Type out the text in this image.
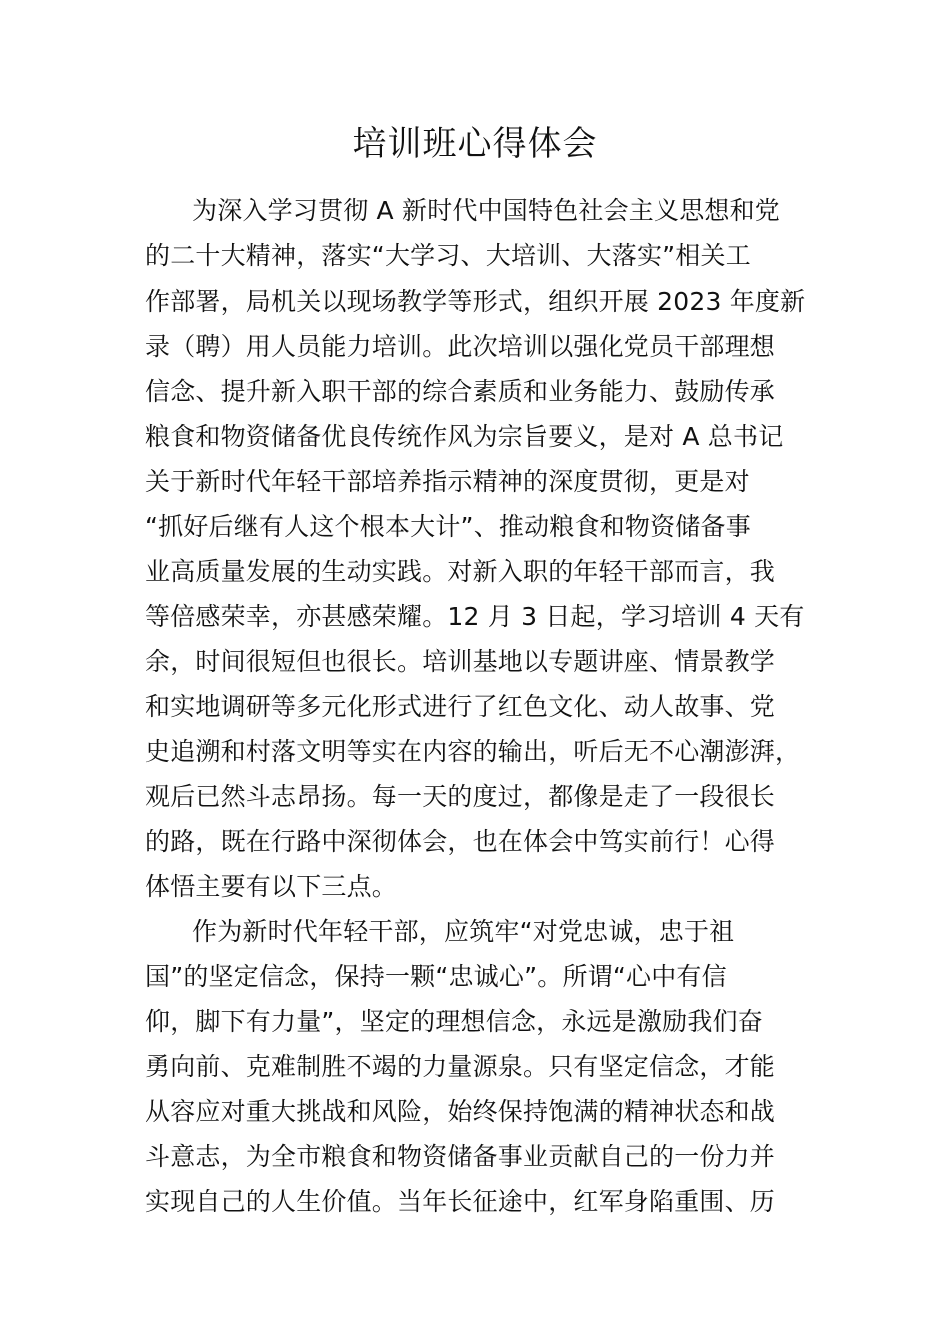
培训班心得体会
为深入学习贯彻 A 新时代中国特色社会主义思想和党
的二十大精神，落实“大学习、大培训、大落实”相关工
作部署，局机关以现场教学等形式，组织开展 2023 年度新
录（聘）用人员能力培训。此次培训以强化党员干部理想
信念、提升新入职干部的综合素质和业务能力、鼓励传承
粮食和物资储备优良传统作风为宗旨要义，是对 A 总书记
关于新时代年轻干部培养指示精神的深度贯彻，更是对
“抓好后继有人这个根本大计”、推动粮食和物资储备事
业高质量发展的生动实践。对新入职的年轻干部而言，我
等倍感荣幸，亦甚感荣耀。12 月 3 日起，学习培训 4 天有
余，时间很短但也很长。培训基地以专题讲座、情景教学
和实地调研等多元化形式进行了红色文化、动人故事、党
史追溯和村落文明等实在内容的输出，听后无不心潮澎湃，
观后已然斗志昂扬。每一天的度过，都像是走了一段很长
的路，既在行路中深彻体会，也在体会中笃实前行！心得
体悟主要有以下三点。
作为新时代年轻干部，应筑牢“对党忠诚，忠于祖
国”的坚定信念，保持一颗“忠诚心”。所谓“心中有信
仰，脚下有力量”，坚定的理想信念，永远是激励我们奋
勇向前、克难制胜不竭的力量源泉。只有坚定信念，才能
从容应对重大挑战和风险，始终保持饱满的精神状态和战
斗意志，为全市粮食和物资储备事业贡献自己的一份力并
实现自己的人生价值。当年长征途中，红军身陷重围、历
